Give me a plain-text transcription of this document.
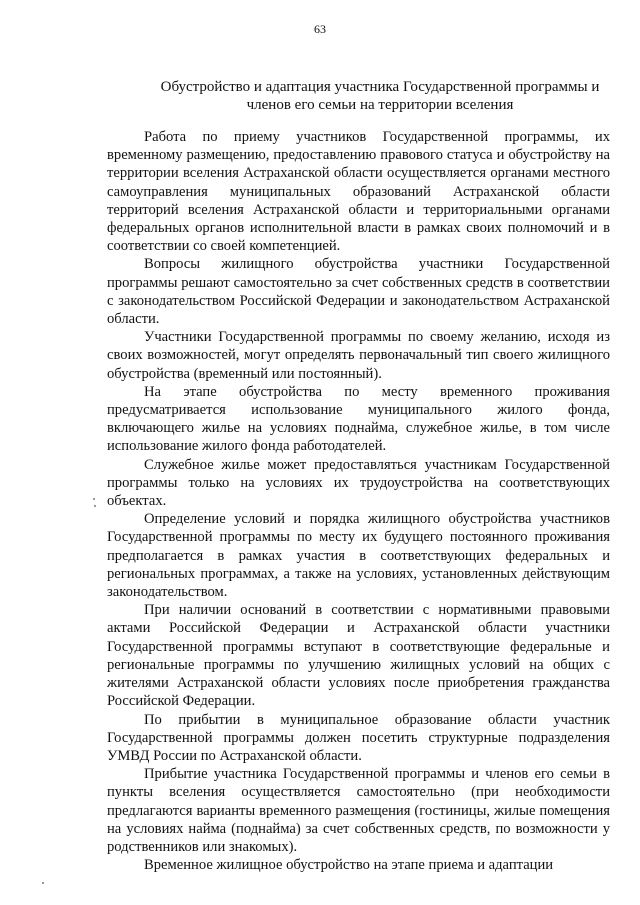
63
Обустройство и адаптация участника Государственной программы и членов его семьи на территории вселения

Работа по приему участников Государственной программы, их временному размещению, предоставлению правового статуса и обустройству на территории вселения Астраханской области осуществляется органами местного самоуправления муниципальных образований Астраханской области территорий вселения Астраханской области и территориальными органами федеральных органов исполнительной власти в рамках своих полномочий и в соответствии со своей компетенцией.

Вопросы жилищного обустройства участники Государственной программы решают самостоятельно за счет собственных средств в соответствии с законодательством Российской Федерации и законодательством Астраханской области.

Участники Государственной программы по своему желанию, исходя из своих возможностей, могут определять первоначальный тип своего жилищного обустройства (временный или постоянный).

На этапе обустройства по месту временного проживания предусматривается использование муниципального жилого фонда, включающего жилье на условиях поднайма, служебное жилье, в том числе использование жилого фонда работодателей.

Служебное жилье может предоставляться участникам Государственной программы только на условиях их трудоустройства на соответствующих объектах.

Определение условий и порядка жилищного обустройства участников Государственной программы по месту их будущего постоянного проживания предполагается в рамках участия в соответствующих федеральных и региональных программах, а также на условиях, установленных действующим законодательством.

При наличии оснований в соответствии с нормативными правовыми актами Российской Федерации и Астраханской области участники Государственной программы вступают в соответствующие федеральные и региональные программы по улучшению жилищных условий на общих с жителями Астраханской области условиях после приобретения гражданства Российской Федерации.

По прибытии в муниципальное образование области участник Государственной программы должен посетить структурные подразделения УМВД России по Астраханской области.

Прибытие участника Государственной программы и членов его семьи в пункты вселения осуществляется самостоятельно (при необходимости предлагаются варианты временного размещения (гостиницы, жилые помещения на условиях найма (поднайма) за счет собственных средств, по возможности у родственников или знакомых).

Временное жилищное обустройство на этапе приема и адаптации
